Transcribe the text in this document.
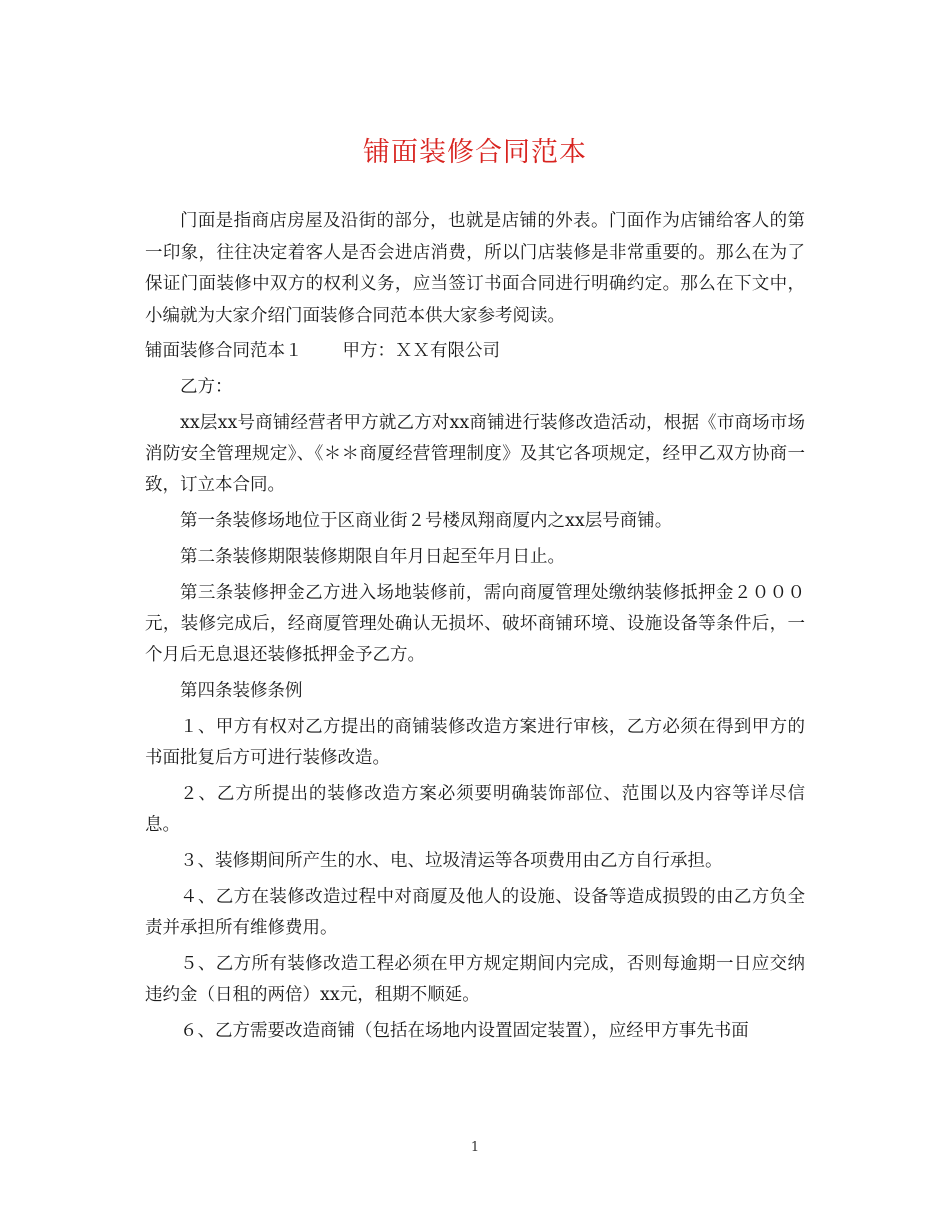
铺面装修合同范本

门面是指商店房屋及沿街的部分，也就是店铺的外表。门面作为店铺给客人的第一印象，往往决定着客人是否会进店消费，所以门店装修是非常重要的。那么在为了保证门面装修中双方的权利义务，应当签订书面合同进行明确约定。那么在下文中，小编就为大家介绍门面装修合同范本供大家参考阅读。

铺面装修合同范本１ 甲方：ＸＸ有限公司

乙方：

xx层xx号商铺经营者甲方就乙方对xx商铺进行装修改造活动，根据《市商场市场消防安全管理规定》、《＊＊商厦经营管理制度》及其它各项规定，经甲乙双方协商一致，订立本合同。

第一条装修场地位于区商业街２号楼凤翔商厦内之xx层号商铺。

第二条装修期限装修期限自年月日起至年月日止。

第三条装修押金乙方进入场地装修前，需向商厦管理处缴纳装修抵押金２０００元，装修完成后，经商厦管理处确认无损坏、破坏商铺环境、设施设备等条件后，一个月后无息退还装修抵押金予乙方。

第四条装修条例

１、甲方有权对乙方提出的商铺装修改造方案进行审核，乙方必须在得到甲方的书面批复后方可进行装修改造。

２、乙方所提出的装修改造方案必须要明确装饰部位、范围以及内容等详尽信息。

３、装修期间所产生的水、电、垃圾清运等各项费用由乙方自行承担。

４、乙方在装修改造过程中对商厦及他人的设施、设备等造成损毁的由乙方负全责并承担所有维修费用。

５、乙方所有装修改造工程必须在甲方规定期间内完成，否则每逾期一日应交纳违约金（日租的两倍）xx元，租期不顺延。

６、乙方需要改造商铺（包括在场地内设置固定装置），应经甲方事先书面

1
